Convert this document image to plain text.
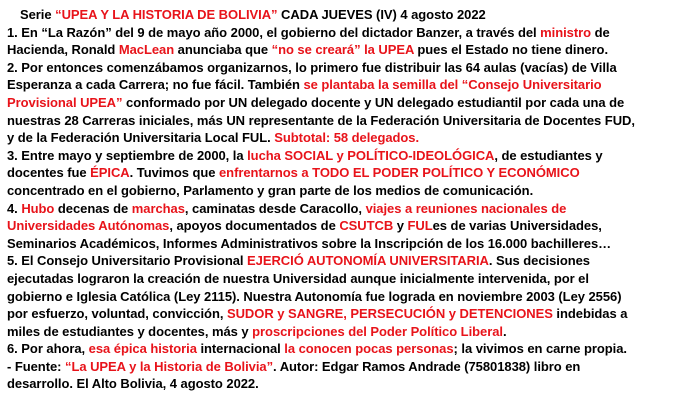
Serie “UPEA Y LA HISTORIA DE BOLIVIA” CADA JUEVES (IV) 4 agosto 2022
1. En “La Razón” del 9 de mayo año 2000, el gobierno del dictador Banzer, a través del ministro de
Hacienda, Ronald MacLean anunciaba que “no se creará” la UPEA pues el Estado no tiene dinero.
2. Por entonces comenzábamos organizarnos, lo primero fue distribuir las 64 aulas (vacías) de Villa
Esperanza a cada Carrera; no fue fácil. También se plantaba la semilla del “Consejo Universitario
Provisional UPEA” conformado por UN delegado docente y UN delegado estudiantil por cada una de
nuestras 28 Carreras iniciales, más UN representante de la Federación Universitaria de Docentes FUD,
y de la Federación Universitaria Local FUL. Subtotal: 58 delegados.
3. Entre mayo y septiembre de 2000, la lucha SOCIAL y POLÍTICO-IDEOLÓGICA, de estudiantes y
docentes fue ÉPICA. Tuvimos que enfrentarnos a TODO EL PODER POLÍTICO Y ECONÓMICO
concentrado en el gobierno, Parlamento y gran parte de los medios de comunicación.
4. Hubo decenas de marchas, caminatas desde Caracollo, viajes a reuniones nacionales de
Universidades Autónomas, apoyos documentados de CSUTCB y FULes de varias Universidades,
Seminarios Académicos, Informes Administrativos sobre la Inscripción de los 16.000 bachilleres…
5. El Consejo Universitario Provisional EJERCIÓ AUTONOMÍA UNIVERSITARIA. Sus decisiones
ejecutadas lograron la creación de nuestra Universidad aunque inicialmente intervenida, por el
gobierno e Iglesia Católica (Ley 2115). Nuestra Autonomía fue lograda en noviembre 2003 (Ley 2556)
por esfuerzo, voluntad, convicción, SUDOR y SANGRE, PERSECUCIÓN y DETENCIONES indebidas a
miles de estudiantes y docentes, más y proscripciones del Poder Político Liberal.
6. Por ahora, esa épica historia internacional la conocen pocas personas; la vivimos en carne propia.
- Fuente: “La UPEA y la Historia de Bolivia”. Autor: Edgar Ramos Andrade (75801838) libro en
desarrollo. El Alto Bolivia, 4 agosto 2022.
